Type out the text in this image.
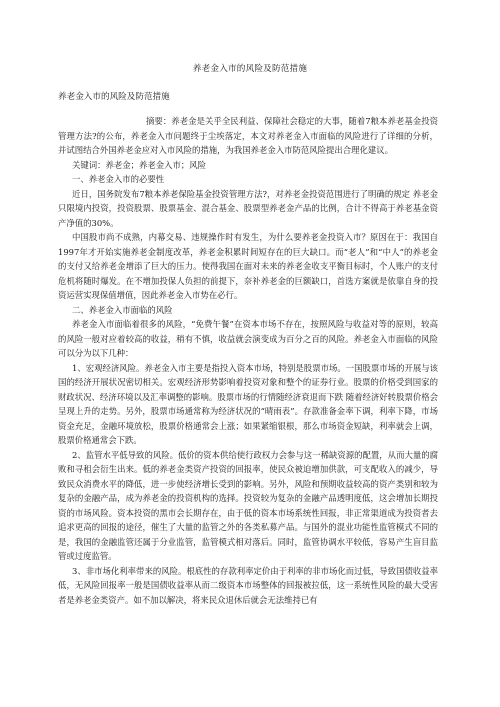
养老金入市的风险及防范措施
养老金入市的风险及防范措施

摘要：养老金是关乎全民利益、保障社会稳定的大事，随着7粮本养老基金投资管理方法?的公布，养老金入市问题终于尘埃落定，本文对养老金入市面临的风险进行了详细的分析，并试图结合外国养老金应对入市风险的措施，为我国养老金入市防范风险提出合理化建议。

关键词：养老金；养老金入市；风险

一、养老金入市的必要性

近日，国务院发布7粮本养老保险基金投资管理方法?，对养老金投资范围进行了明确的规定 养老金只限境内投资，投资股票、股票基金、混合基金、股票型养老金产品的比例，合计不得高于养老基金资产净值的30%。

中国股市尚不成熟，内幕交易、违规操作时有发生，为什么要养老金投资入市？原因在于：我国自1997年才开始实施养老金制度改革，养老金积累时间短存在的巨大缺口。而“老人”和“中人”的养老金的支付又给养老金增添了巨大的压力。使得我国在面对未来的养老金收支平衡目标时，个人账户的支付危机将随时爆发。在不增加投保人负担的前提下，奈补养老金的巨额缺口，首选方案就是依靠自身的投资运营实现保值增值，因此养老金入市势在必行。

二、养老金入市面临的风险

养老金入市面临着很多的风险，“免费午餐”在资本市场不存在，按照风险与收益对等的原则，较高的风险一般对应着较高的收益，稍有不慎，收益就会演变成为百分之百的风险。养老金入市面临的风险可以分为以下几种：

1、宏观经济风险。养老金入市主要是指投入资本市场，特别是股票市场。一国股票市场的开展与该国的经济开展状况密切相关。宏观经济形势影响着投资对象和整个的证券行业。股票的价格受到国家的财政状况、经济环境以及汇率调整的影响。股票市场的行情随经济衰退而下跌 随着经济好转股票价格会呈现上升的走势。另外，股票市场通常称为经济状况的“晴雨表”。存款准备金率下调，利率下降，市场资金充足，金融环境放松，股票价格通常会上涨；如果紧缩银根，那么市场资金短缺，利率就会上调，股票价格通常会下跌。

2、监管水平低导致的风险。低价的资本供给使行政权力会参与这一稀缺资源的配置，从而大量的腐败和寻租会衍生出来。低的养老金类资产投资的回报率，使民众被迫增加供款，可支配收入的减少，导致民众消费水平的降低，进一步使经济增长受到的影响。另外，风险和预期收益较高的资产类别和较为复杂的金融产品，成为养老金的投资机构的选择。投资较为复杂的金融产品透明度低，这会增加长期投资的市场风险。资本投资的黑市会长期存在，由于低的资本市场系统性回报，非正常渠道成为投资者去追求更高的回报的途径，催生了大量的监管之外的各类私募产品。与国外的混业功能性监管模式不同的是，我国的金融监管还属于分业监管，监管模式相对落后。同时，监管协调水平较低，容易产生盲目监管或过度监管。

3、非市场化利率带来的风险。根底性的存款利率定价由于利率的非市场化而过低，导致国债收益率低，无风险回报率一般是国债收益率从而二级资本市场整体的回报被拉低，这一系统性风险的最大受害者是养老金类资产。如不加以解决，将来民众退休后就会无法维持已有
